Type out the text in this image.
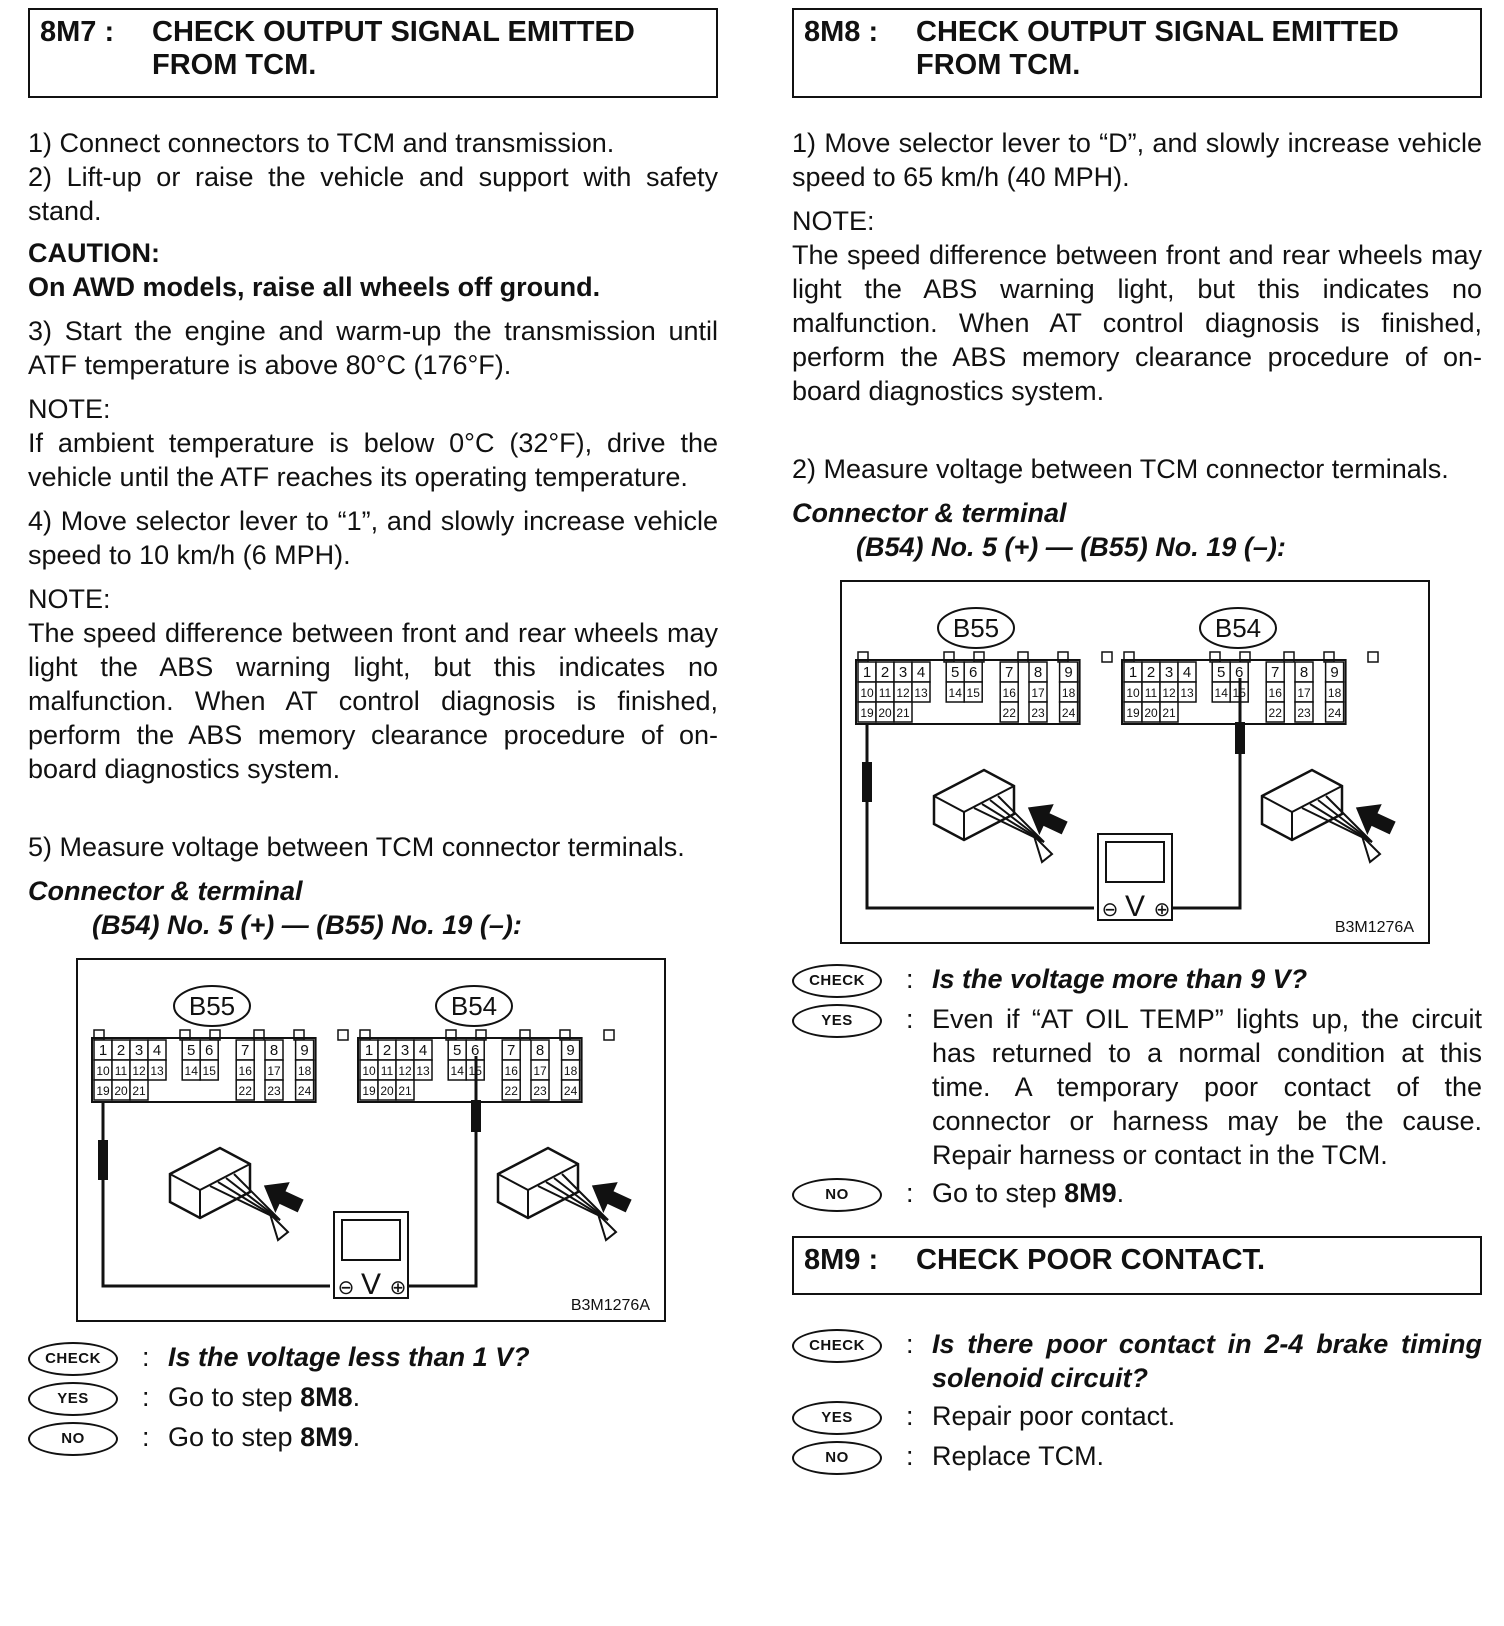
8M7 :	CHECK OUTPUT SIGNAL EMITTED FROM TCM.

1) Connect connectors to TCM and transmission.

2) Lift-up or raise the vehicle and support with safety stand.

CAUTION:

On AWD models, raise all wheels off ground.

3) Start the engine and warm-up the transmission until ATF temperature is above 80°C (176°F).

NOTE:

If ambient temperature is below 0°C (32°F), drive the vehicle until the ATF reaches its operating temperature.

4) Move selector lever to “1”, and slowly increase vehicle speed to 10 km/h (6 MPH).

NOTE:

The speed difference between front and rear wheels may light the ABS warning light, but this indicates no malfunction. When AT control diagnosis is finished, perform the ABS memory clearance procedure of on-board diagnostics system.

5) Measure voltage between TCM connector terminals.

Connector & terminal

(B54) No. 5 (+) — (B55) No. 19 (–):

B55
1 2 3 4 5 6 7 8 9
10 11 12 13 14 15 16 17 18
19 20 21	22 23 24
B54
1 2 3 4 5 6 7 8 9
10 11 12 13 14 15 16 17 18
19 20 21	22 23 24
V
⊖ ⊕
B3M1276A
CHECK	: Is the voltage less than 1 V?
YES	: Go to step 8M8.
NO	: Go to step 8M9.
8M8 :	CHECK OUTPUT SIGNAL EMITTED FROM TCM.

1) Move selector lever to “D”, and slowly increase vehicle speed to 65 km/h (40 MPH).

NOTE:

The speed difference between front and rear wheels may light the ABS warning light, but this indicates no malfunction. When AT control diagnosis is finished, perform the ABS memory clearance procedure of on-board diagnostics system.

2) Measure voltage between TCM connector terminals.

Connector & terminal

(B54) No. 5 (+) — (B55) No. 19 (–):

B55
1 2 3 4 5 6 7 8 9
10 11 12 13 14 15 16 17 18
19 20 21	22 23 24
B54
1 2 3 4 5 6 7 8 9
10 11 12 13 14 15 16 17 18
19 20 21	22 23 24
V
⊖ ⊕
B3M1276A
CHECK	: Is the voltage more than 9 V?
YES	: Even if “AT OIL TEMP” lights up, the circuit has returned to a normal condition at this time. A temporary poor contact of the connector or harness may be the cause. Repair harness or contact in the TCM.
NO	: Go to step 8M9.
8M9 :	CHECK POOR CONTACT.
CHECK	: Is there poor contact in 2-4 brake timing solenoid circuit?
YES	: Repair poor contact.
NO	: Replace TCM.
